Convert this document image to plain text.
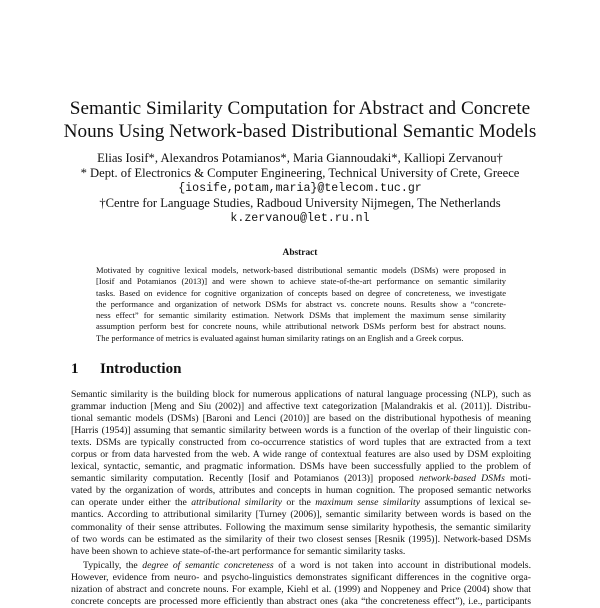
Semantic Similarity Computation for Abstract and Concrete
Nouns Using Network-based Distributional Semantic Models
Elias Iosif*, Alexandros Potamianos*, Maria Giannoudaki*, Kalliopi Zervanou†
* Dept. of Electronics & Computer Engineering, Technical University of Crete, Greece
{iosife,potam,maria}@telecom.tuc.gr
†Centre for Language Studies, Radboud University Nijmegen, The Netherlands
k.zervanou@let.ru.nl
Abstract
Motivated by cognitive lexical models, network-based distributional semantic models (DSMs) were proposed in
[Iosif and Potamianos (2013)] and were shown to achieve state-of-the-art performance on semantic similarity
tasks. Based on evidence for cognitive organization of concepts based on degree of concreteness, we investigate
the performance and organization of network DSMs for abstract vs. concrete nouns. Results show a “concrete-
ness effect” for semantic similarity estimation. Network DSMs that implement the maximum sense similarity
assumption perform best for concrete nouns, while attributional network DSMs perform best for abstract nouns.
The performance of metrics is evaluated against human similarity ratings on an English and a Greek corpus.
1 Introduction

Semantic similarity is the building block for numerous applications of natural language processing (NLP), such as
grammar induction [Meng and Siu (2002)] and affective text categorization [Malandrakis et al. (2011)]. Distribu-
tional semantic models (DSMs) [Baroni and Lenci (2010)] are based on the distributional hypothesis of meaning
[Harris (1954)] assuming that semantic similarity between words is a function of the overlap of their linguistic con-
texts. DSMs are typically constructed from co-occurrence statistics of word tuples that are extracted from a text
corpus or from data harvested from the web. A wide range of contextual features are also used by DSM exploiting
lexical, syntactic, semantic, and pragmatic information. DSMs have been successfully applied to the problem of
semantic similarity computation. Recently [Iosif and Potamianos (2013)] proposed network-based DSMs moti-
vated by the organization of words, attributes and concepts in human cognition. The proposed semantic networks
can operate under either the attributional similarity or the maximum sense similarity assumptions of lexical se-
mantics. According to attributional similarity [Turney (2006)], semantic similarity between words is based on the
commonality of their sense attributes. Following the maximum sense similarity hypothesis, the semantic similarity
of two words can be estimated as the similarity of their two closest senses [Resnik (1995)]. Network-based DSMs
have been shown to achieve state-of-the-art performance for semantic similarity tasks.

Typically, the degree of semantic concreteness of a word is not taken into account in distributional models.
However, evidence from neuro- and psycho-linguistics demonstrates significant differences in the cognitive orga-
nization of abstract and concrete nouns. For example, Kiehl et al. (1999) and Noppeney and Price (2004) show that
concrete concepts are processed more efficiently than abstract ones (aka “the concreteness effect”), i.e., participants
